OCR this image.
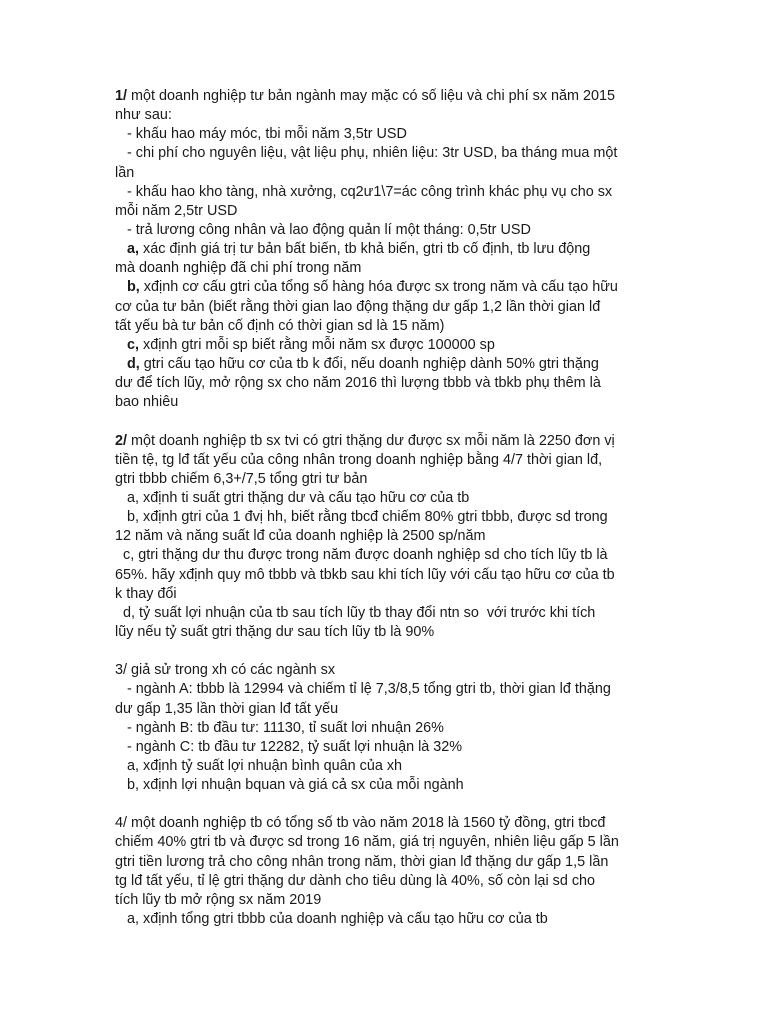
1/ một doanh nghiệp tư bản ngành may mặc có số liệu và chi phí sx năm 2015
như sau:
- khấu hao máy móc, tbi mỗi năm 3,5tr USD
- chi phí cho nguyên liệu, vật liệu phụ, nhiên liệu: 3tr USD, ba tháng mua một
lần
- khấu hao kho tàng, nhà xưởng, cq2ư1\7=ác công trình khác phụ vụ cho sx
mỗi năm 2,5tr USD
- trả lương công nhân và lao động quản lí một tháng: 0,5tr USD
a, xác định giá trị tư bản bất biến, tb khả biến, gtri tb cố định, tb lưu động
mà doanh nghiệp đã chi phí trong năm
b, xđịnh cơ cấu gtri của tổng số hàng hóa được sx trong năm và cấu tạo hữu
cơ của tư bản (biết rằng thời gian lao động thặng dư gấp 1,2 lần thời gian lđ
tất yếu bà tư bản cố định có thời gian sd là 15 năm)
c, xđịnh gtri mỗi sp biết rằng mỗi năm sx được 100000 sp
d, gtri cấu tạo hữu cơ của tb k đổi, nếu doanh nghiệp dành 50% gtri thặng
dư để tích lũy, mở rộng sx cho năm 2016 thì lượng tbbb và tbkb phụ thêm là
bao nhiêu
2/ một doanh nghiệp tb sx tvi có gtri thặng dư được sx mỗi năm là 2250 đơn vị
tiền tệ, tg lđ tất yếu của công nhân trong doanh nghiệp bằng 4/7 thời gian lđ,
gtri tbbb chiếm 6,3+/7,5 tổng gtri tư bản
a, xđịnh ti suất gtri thặng dư và cấu tạo hữu cơ của tb
b, xđịnh gtri của 1 đvị hh, biết rằng tbcđ chiếm 80% gtri tbbb, được sd trong
12 năm và năng suất lđ của doanh nghiệp là 2500 sp/năm
c, gtri thặng dư thu được trong năm được doanh nghiệp sd cho tích lũy tb là
65%. hãy xđịnh quy mô tbbb và tbkb sau khi tích lũy với cấu tạo hữu cơ của tb
k thay đổi
d, tỷ suất lợi nhuận của tb sau tích lũy tb thay đổi ntn so  với trước khi tích
lũy nếu tỷ suất gtri thặng dư sau tích lũy tb là 90%
3/ giả sử trong xh có các ngành sx
- ngành A: tbbb là 12994 và chiếm tỉ lệ 7,3/8,5 tổng gtri tb, thời gian lđ thặng
dư gấp 1,35 lần thời gian lđ tất yếu
- ngành B: tb đầu tư: 11130, tỉ suất lơi nhuận 26%
- ngành C: tb đầu tư 12282, tỷ suất lợi nhuận là 32%
a, xđịnh tỷ suất lợi nhuận bình quân của xh
b, xđịnh lợi nhuận bquan và giá cả sx của mỗi ngành
4/ một doanh nghiệp tb có tổng số tb vào năm 2018 là 1560 tỷ đồng, gtri tbcđ
chiếm 40% gtri tb và được sd trong 16 năm, giá trị nguyên, nhiên liệu gấp 5 lần
gtri tiền lương trả cho công nhân trong năm, thời gian lđ thặng dư gấp 1,5 lần
tg lđ tất yếu, tỉ lệ gtri thặng dư dành cho tiêu dùng là 40%, số còn lại sd cho
tích lũy tb mở rộng sx năm 2019
a, xđịnh tổng gtri tbbb của doanh nghiệp và cấu tạo hữu cơ của tb
